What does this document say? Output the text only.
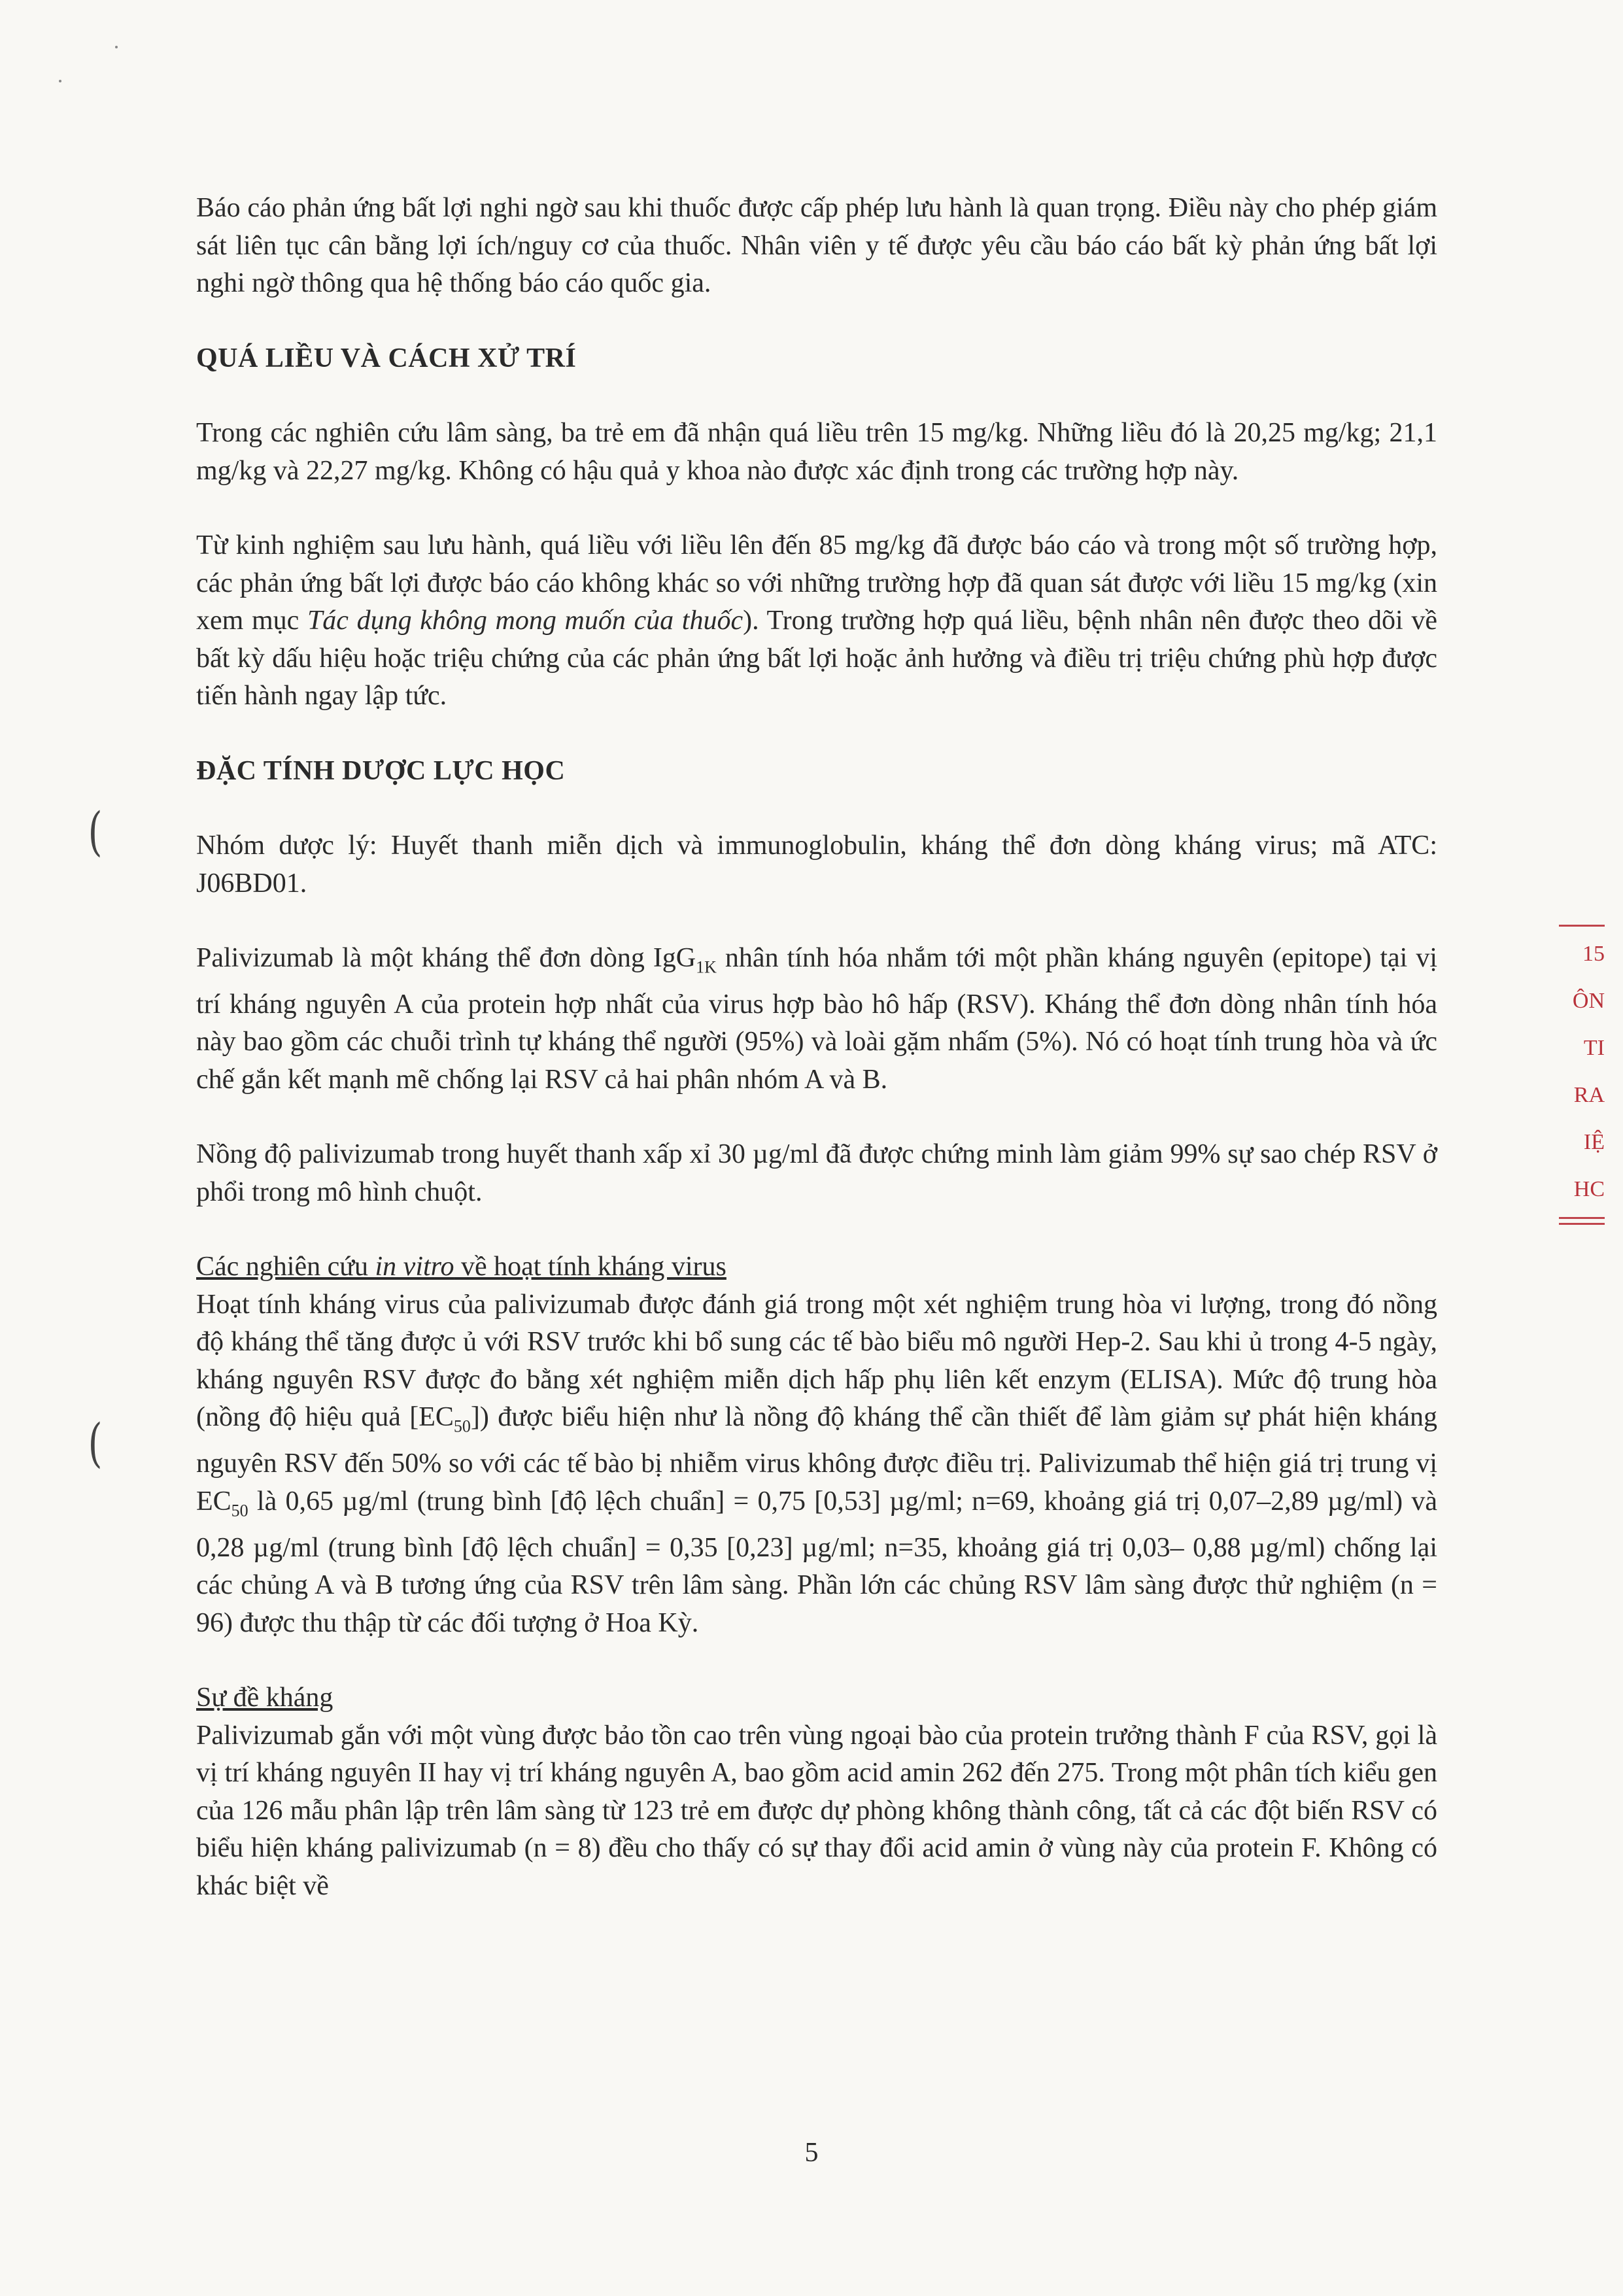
(
(

Báo cáo phản ứng bất lợi nghi ngờ sau khi thuốc được cấp phép lưu hành là quan trọng. Điều này cho phép giám sát liên tục cân bằng lợi ích/nguy cơ của thuốc. Nhân viên y tế được yêu cầu báo cáo bất kỳ phản ứng bất lợi nghi ngờ thông qua hệ thống báo cáo quốc gia.

QUÁ LIỀU VÀ CÁCH XỬ TRÍ

Trong các nghiên cứu lâm sàng, ba trẻ em đã nhận quá liều trên 15 mg/kg. Những liều đó là 20,25 mg/kg; 21,1 mg/kg và 22,27 mg/kg. Không có hậu quả y khoa nào được xác định trong các trường hợp này.

Từ kinh nghiệm sau lưu hành, quá liều với liều lên đến 85 mg/kg đã được báo cáo và trong một số trường hợp, các phản ứng bất lợi được báo cáo không khác so với những trường hợp đã quan sát được với liều 15 mg/kg (xin xem mục Tác dụng không mong muốn của thuốc). Trong trường hợp quá liều, bệnh nhân nên được theo dõi về bất kỳ dấu hiệu hoặc triệu chứng của các phản ứng bất lợi hoặc ảnh hưởng và điều trị triệu chứng phù hợp được tiến hành ngay lập tức.

ĐẶC TÍNH DƯỢC LỰC HỌC

Nhóm dược lý: Huyết thanh miễn dịch và immunoglobulin, kháng thể đơn dòng kháng virus; mã ATC: J06BD01.

Palivizumab là một kháng thể đơn dòng IgG$_{1K}$ nhân tính hóa nhắm tới một phần kháng nguyên (epitope) tại vị trí kháng nguyên A của protein hợp nhất của virus hợp bào hô hấp (RSV). Kháng thể đơn dòng nhân tính hóa này bao gồm các chuỗi trình tự kháng thể người (95%) và loài gặm nhấm (5%). Nó có hoạt tính trung hòa và ức chế gắn kết mạnh mẽ chống lại RSV cả hai phân nhóm A và B.

Nồng độ palivizumab trong huyết thanh xấp xỉ 30 µg/ml đã được chứng minh làm giảm 99% sự sao chép RSV ở phổi trong mô hình chuột.

Các nghiên cứu in vitro về hoạt tính kháng virus

Hoạt tính kháng virus của palivizumab được đánh giá trong một xét nghiệm trung hòa vi lượng, trong đó nồng độ kháng thể tăng được ủ với RSV trước khi bổ sung các tế bào biểu mô người Hep-2. Sau khi ủ trong 4-5 ngày, kháng nguyên RSV được đo bằng xét nghiệm miễn dịch hấp phụ liên kết enzym (ELISA). Mức độ trung hòa (nồng độ hiệu quả $[EC_{50}]$) được biểu hiện như là nồng độ kháng thể cần thiết để làm giảm sự phát hiện kháng nguyên RSV đến 50% so với các tế bào bị nhiễm virus không được điều trị. Palivizumab thể hiện giá trị trung vị $EC_{50}$ là 0,65 µg/ml (trung bình [độ lệch chuẩn] = 0,75 [0,53] µg/ml; n=69, khoảng giá trị 0,07–2,89 µg/ml) và 0,28 µg/ml (trung bình [độ lệch chuẩn] = 0,35 [0,23] µg/ml; n=35, khoảng giá trị 0,03– 0,88 µg/ml) chống lại các chủng A và B tương ứng của RSV trên lâm sàng. Phần lớn các chủng RSV lâm sàng được thử nghiệm (n = 96) được thu thập từ các đối tượng ở Hoa Kỳ.

Sự đề kháng

Palivizumab gắn với một vùng được bảo tồn cao trên vùng ngoại bào của protein trưởng thành F của RSV, gọi là vị trí kháng nguyên II hay vị trí kháng nguyên A, bao gồm acid amin 262 đến 275. Trong một phân tích kiểu gen của 126 mẫu phân lập trên lâm sàng từ 123 trẻ em được dự phòng không thành công, tất cả các đột biến RSV có biểu hiện kháng palivizumab (n = 8) đều cho thấy có sự thay đổi acid amin ở vùng này của protein F. Không có khác biệt về

15
ÔN
TI
RA
IỆ
HC
5
